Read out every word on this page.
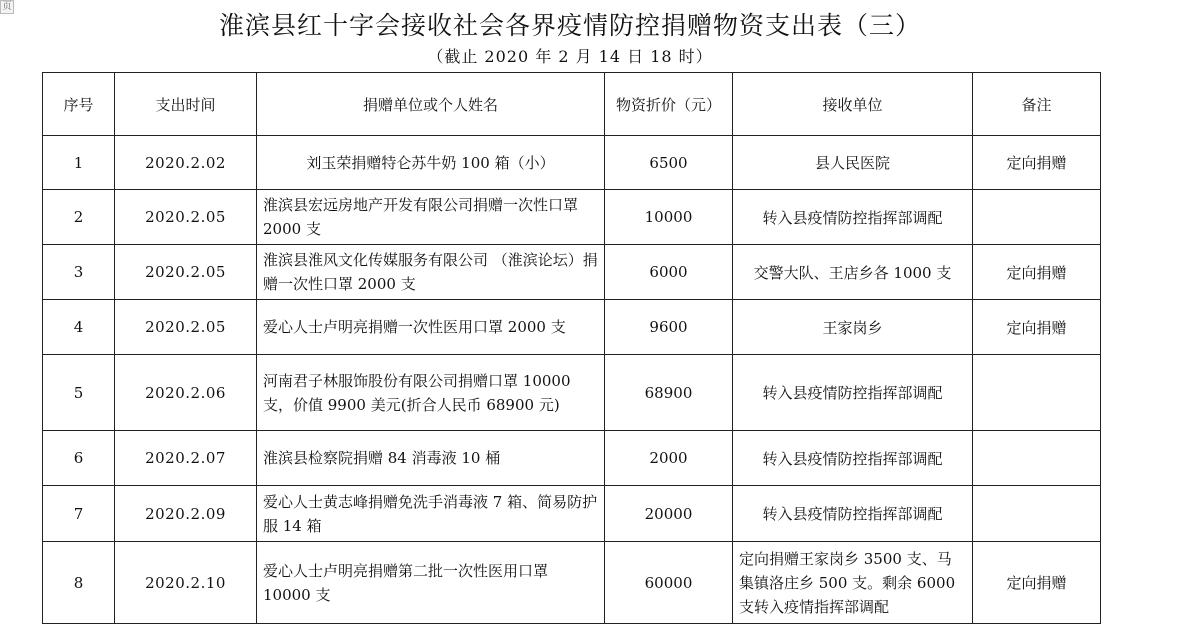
页
淮滨县红十字会接收社会各界疫情防控捐赠物资支出表（三）
（截止 2020 年 2 月 14 日 18 时）
序号	支出时间	捐赠单位或个人姓名	物资折价（元）	接收单位	备注
1	2020.2.02	刘玉荣捐赠特仑苏牛奶 100 箱（小）	6500	县人民医院	定向捐赠
2	2020.2.05	淮滨县宏远房地产开发有限公司捐赠一次性口罩 2000 支	10000	转入县疫情防控指挥部调配	
3	2020.2.05	淮滨县淮风文化传媒服务有限公司 （淮滨论坛）捐赠一次性口罩 2000 支	6000	交警大队、王店乡各 1000 支	定向捐赠
4	2020.2.05	爱心人士卢明亮捐赠一次性医用口罩 2000 支	9600	王家岗乡	定向捐赠
5	2020.2.06	河南君子林服饰股份有限公司捐赠口罩 10000支，价值 9900 美元(折合人民币 68900 元)	68900	转入县疫情防控指挥部调配	
6	2020.2.07	淮滨县检察院捐赠 84 消毒液 10 桶	2000	转入县疫情防控指挥部调配	
7	2020.2.09	爱心人士黄志峰捐赠免洗手消毒液 7 箱、简易防护服 14 箱	20000	转入县疫情防控指挥部调配	
8	2020.2.10	爱心人士卢明亮捐赠第二批一次性医用口罩 10000 支	60000	定向捐赠王家岗乡 3500 支、马集镇洛庄乡 500 支。剩余 6000 支转入疫情指挥部调配	定向捐赠
